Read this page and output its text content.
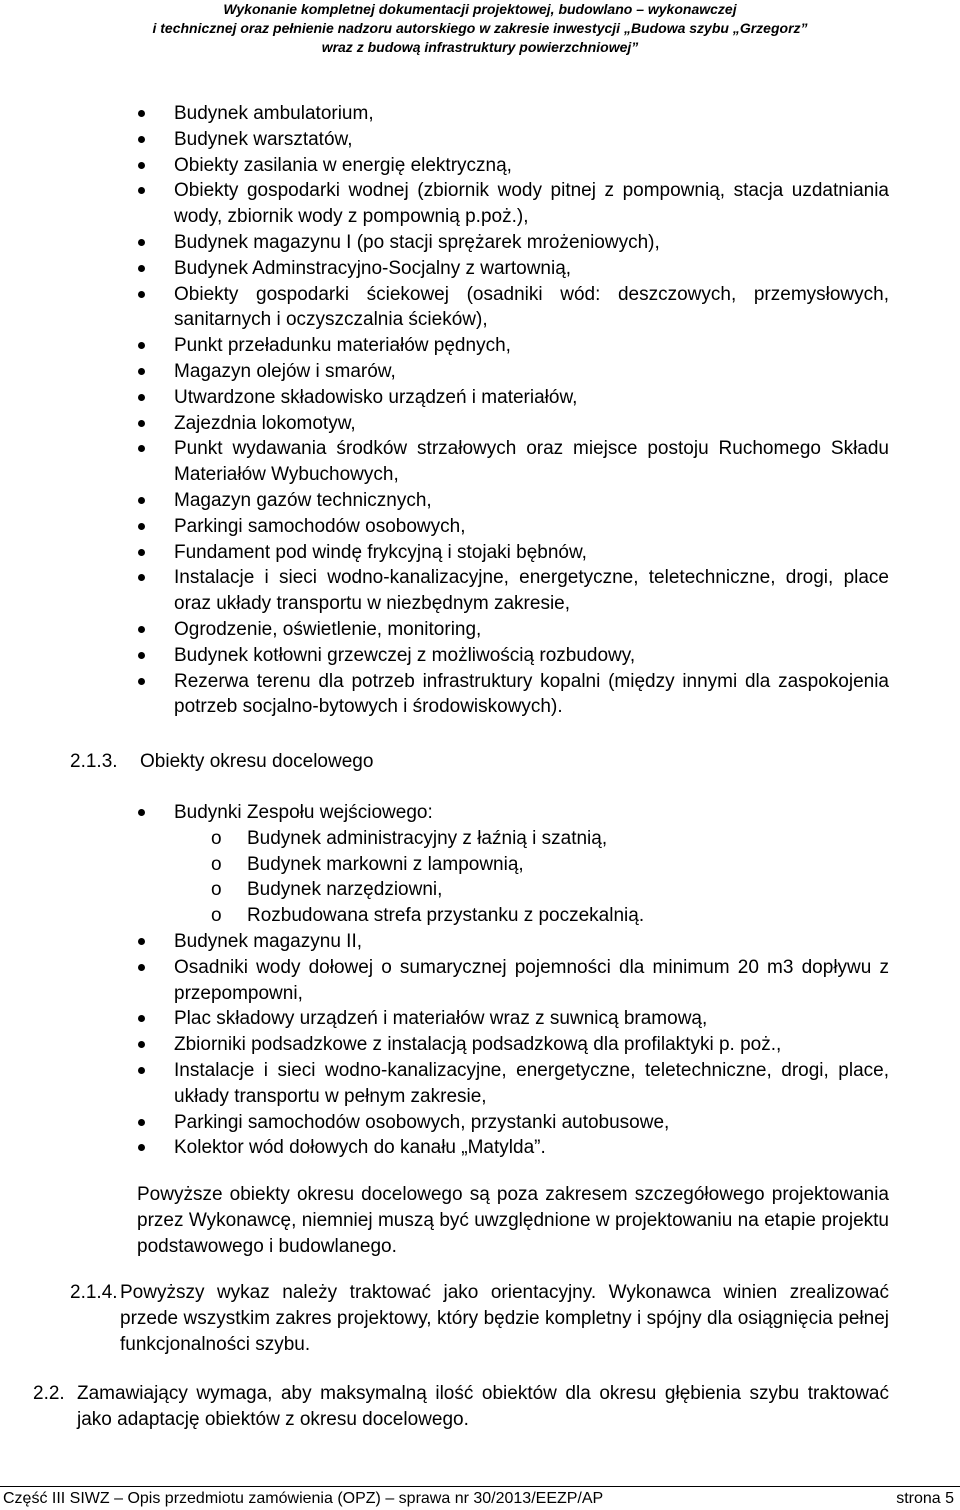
Wykonanie kompletnej dokumentacji projektowej, budowlano – wykonawczej
i technicznej oraz pełnienie nadzoru autorskiego w zakresie inwestycji „Budowa szybu „Grzegorz”
wraz z budową infrastruktury powierzchniowej”
Budynek ambulatorium,
Budynek warsztatów,
Obiekty zasilania w energię elektryczną,
Obiekty gospodarki wodnej (zbiornik wody pitnej z pompownią, stacja uzdatniania wody, zbiornik wody z pompownią p.poż.),
Budynek magazynu I (po stacji sprężarek mrożeniowych),
Budynek Adminstracyjno-Socjalny z wartownią,
Obiekty gospodarki ściekowej (osadniki wód: deszczowych, przemysłowych, sanitarnych i oczyszczalnia ścieków),
Punkt przeładunku materiałów pędnych,
Magazyn olejów i smarów,
Utwardzone składowisko urządzeń i materiałów,
Zajezdnia lokomotyw,
Punkt wydawania środków strzałowych oraz miejsce postoju Ruchomego Składu Materiałów Wybuchowych,
Magazyn gazów technicznych,
Parkingi samochodów osobowych,
Fundament pod windę frykcyjną i stojaki bębnów,
Instalacje i sieci wodno-kanalizacyjne, energetyczne, teletechniczne, drogi, place oraz układy transportu w niezbędnym zakresie,
Ogrodzenie, oświetlenie, monitoring,
Budynek kotłowni grzewczej z możliwością rozbudowy,
Rezerwa terenu dla potrzeb infrastruktury kopalni (między innymi dla zaspokojenia potrzeb socjalno-bytowych i środowiskowych).
2.1.3. Obiekty okresu docelowego
Budynki Zespołu wejściowego:
o Budynek administracyjny z łaźnią i szatnią,
o Budynek markowni z lampownią,
o Budynek narzędziowni,
o Rozbudowana strefa przystanku z poczekalnią.
Budynek magazynu II,
Osadniki wody dołowej o sumarycznej pojemności dla minimum 20 m3 dopływu z przepompowni,
Plac składowy urządzeń i materiałów wraz z suwnicą bramową,
Zbiorniki podsadzkowe z instalacją podsadzkową dla profilaktyki p. poż.,
Instalacje i sieci wodno-kanalizacyjne, energetyczne, teletechniczne, drogi, place, układy transportu w pełnym zakresie,
Parkingi samochodów osobowych, przystanki autobusowe,
Kolektor wód dołowych do kanału „Matylda”.
Powyższe obiekty okresu docelowego są poza zakresem szczegółowego projektowania przez Wykonawcę, niemniej muszą być uwzględnione w projektowaniu na etapie projektu podstawowego i budowlanego.
2.1.4. Powyższy wykaz należy traktować jako orientacyjny. Wykonawca winien zrealizować przede wszystkim zakres projektowy, który będzie kompletny i spójny dla osiągnięcia pełnej funkcjonalności szybu.
2.2. Zamawiający wymaga, aby maksymalną ilość obiektów dla okresu głębienia szybu traktować jako adaptację obiektów z okresu docelowego.
Część III SIWZ – Opis przedmiotu zamówienia (OPZ) – sprawa nr 30/2013/EEZP/AP	strona 5
